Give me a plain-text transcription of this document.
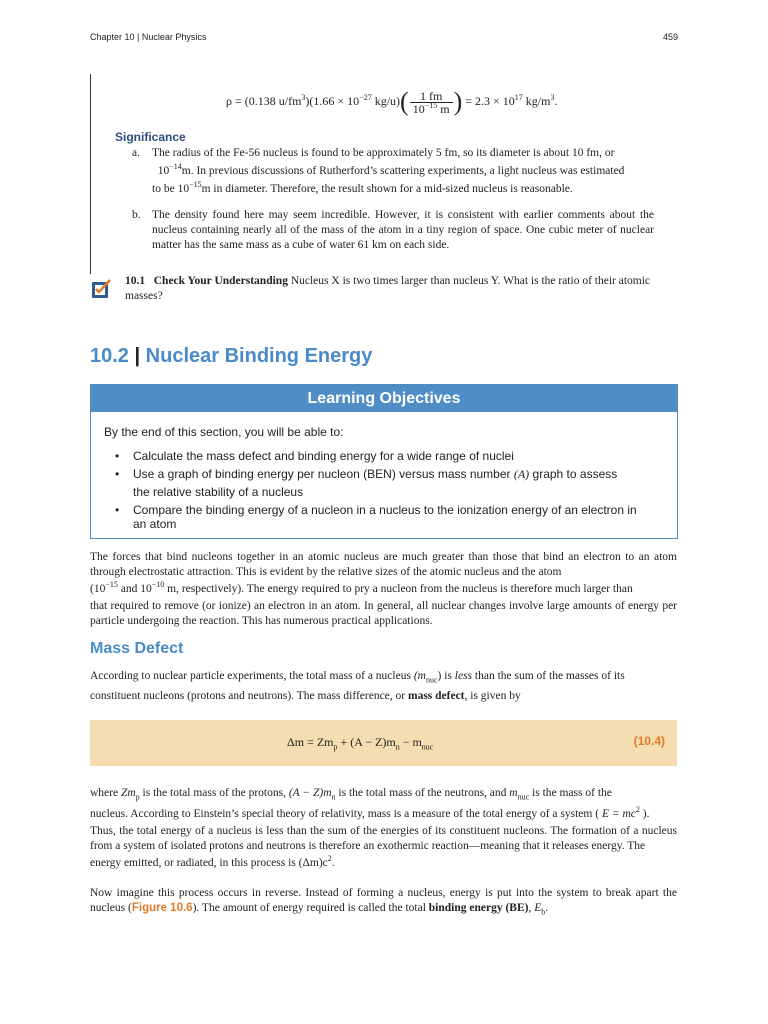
Chapter 10 | Nuclear Physics	459
ρ = (0.138 $u/fm^3)(1.66 \times 10^{-27}$ $kg/u)( \frac{1 fm}{10^{-15} m}$ ) = $2.3 \times 10^{17}$ $kg/m^3$.
Significance
a. The radius of the Fe-56 nucleus is found to be approximately 5 fm, so its diameter is about 10 fm, or
$10^{-14}m$. In previous discussions of Rutherford’s scattering experiments, a light nucleus was estimated
to be $10^{-15}m$ in diameter. Therefore, the result shown for a mid-sized nucleus is reasonable.
b. The density found here may seem incredible. However, it is consistent with earlier comments about the nucleus containing nearly all of the mass of the atom in a tiny region of space. One cubic meter of nuclear matter has the same mass as a cube of water 61 km on each side.
10.1 Check Your Understanding Nucleus X is two times larger than nucleus Y. What is the ratio of their atomic masses?
10.2 | Nuclear Binding Energy
Learning Objectives
By the end of this section, you will be able to:
• Calculate the mass defect and binding energy for a wide range of nuclei
• Use a graph of binding energy per nucleon (BEN) versus mass number (A) graph to assess
the relative stability of a nucleus
• Compare the binding energy of a nucleon in a nucleus to the ionization energy of an electron in an atom
The forces that bind nucleons together in an atomic nucleus are much greater than those that bind an electron to an atom through electrostatic attraction. This is evident by the relative sizes of the atomic nucleus and the atom
($10^{-15}$ and $10^{-10}$ m, respectively). The energy required to pry a nucleon from the nucleus is therefore much larger than
that required to remove (or ionize) an electron in an atom. In general, all nuclear changes involve large amounts of energy per particle undergoing the reaction. This has numerous practical applications.
Mass Defect
According to nuclear particle experiments, the total mass of a nucleus $(m_{nuc})$ is less than the sum of the masses of its
constituent nucleons (protons and neutrons). The mass difference, or mass defect, is given by
$\Delta m = Zm_p + (A - Z)m_n - m_{nuc}$	(10.4)
where $Zm_p$ is the total mass of the protons, $(A - Z)m_n$ is the total mass of the neutrons, and $m_{nuc}$ is the mass of the
nucleus. According to Einstein’s special theory of relativity, mass is a measure of the total energy of a system ( $E = mc^2$ ).
Thus, the total energy of a nucleus is less than the sum of the energies of its constituent nucleons. The formation of a nucleus from a system of isolated protons and neutrons is therefore an exothermic reaction—meaning that it releases energy. The
energy emitted, or radiated, in this process is $(\Delta m)c^2$.
Now imagine this process occurs in reverse. Instead of forming a nucleus, energy is put into the system to break apart the nucleus (Figure 10.6). The amount of energy required is called the total binding energy (BE), $E_b$.
